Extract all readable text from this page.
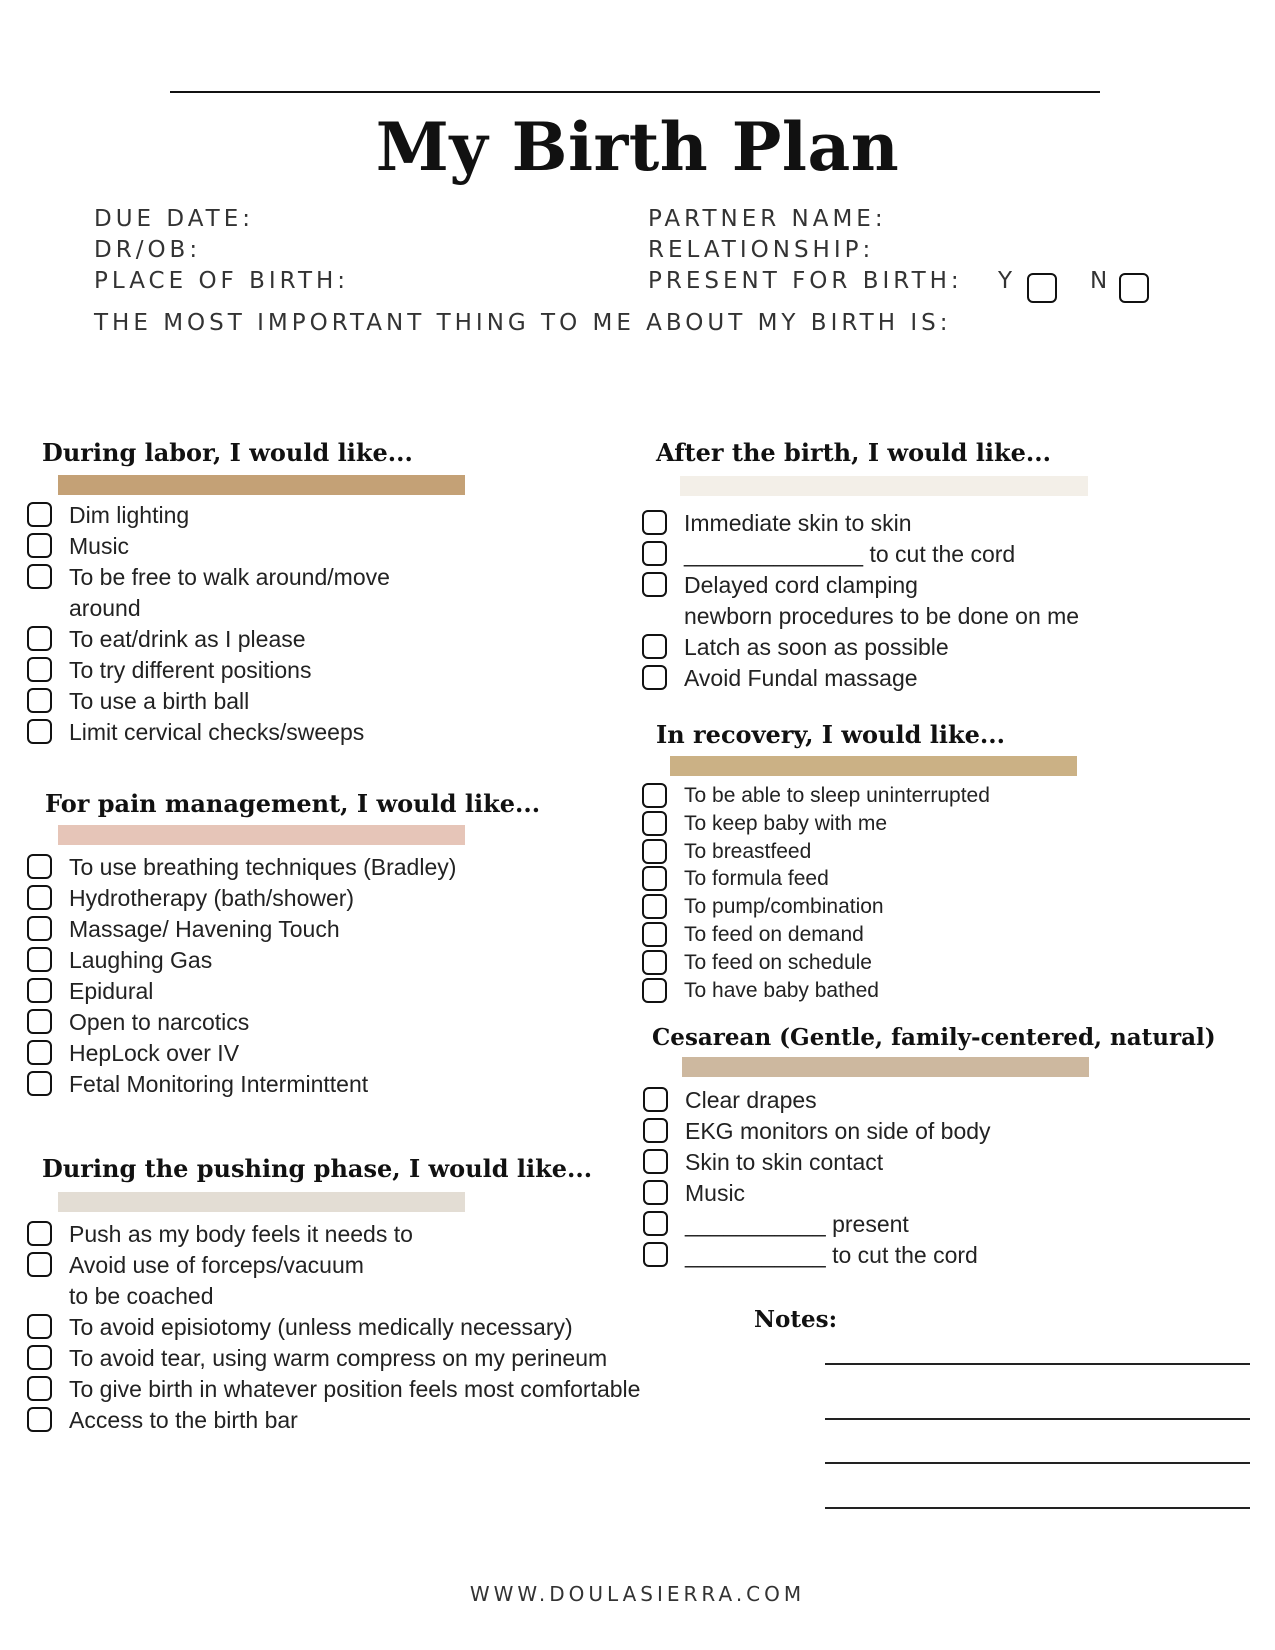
My Birth Plan
DUE DATE:
DR/OB:
PLACE OF BIRTH:
PARTNER NAME:
RELATIONSHIP:
PRESENT FOR BIRTH: Y	N
THE MOST IMPORTANT THING TO ME ABOUT MY BIRTH IS:
During labor, I would like...
Dim lighting
Music
To be free to walk around/move
around
To eat/drink as I please
To try different positions
To use a birth ball
Limit cervical checks/sweeps
For pain management, I would like...
To use breathing techniques (Bradley)
Hydrotherapy (bath/shower)
Massage/ Havening Touch
Laughing Gas
Epidural
Open to narcotics
HepLock over IV
Fetal Monitoring Interminttent
During the pushing phase, I would like...
Push as my body feels it needs to
Avoid use of forceps/vacuum
to be coached
To avoid episiotomy (unless medically necessary)
To avoid tear, using warm compress on my perineum
To give birth in whatever position feels most comfortable
Access to the birth bar
After the birth, I would like...
Immediate skin to skin
______________ to cut the cord
Delayed cord clamping
newborn procedures to be done on me
Latch as soon as possible
Avoid Fundal massage
In recovery, I would like...
To be able to sleep uninterrupted
To keep baby with me
To breastfeed
To formula feed
To pump/combination
To feed on demand
To feed on schedule
To have baby bathed
Cesarean (Gentle, family-centered, natural)
Clear drapes
EKG monitors on side of body
Skin to skin contact
Music
___________ present
___________ to cut the cord
Notes:
WWW.DOULASIERRA.COM
